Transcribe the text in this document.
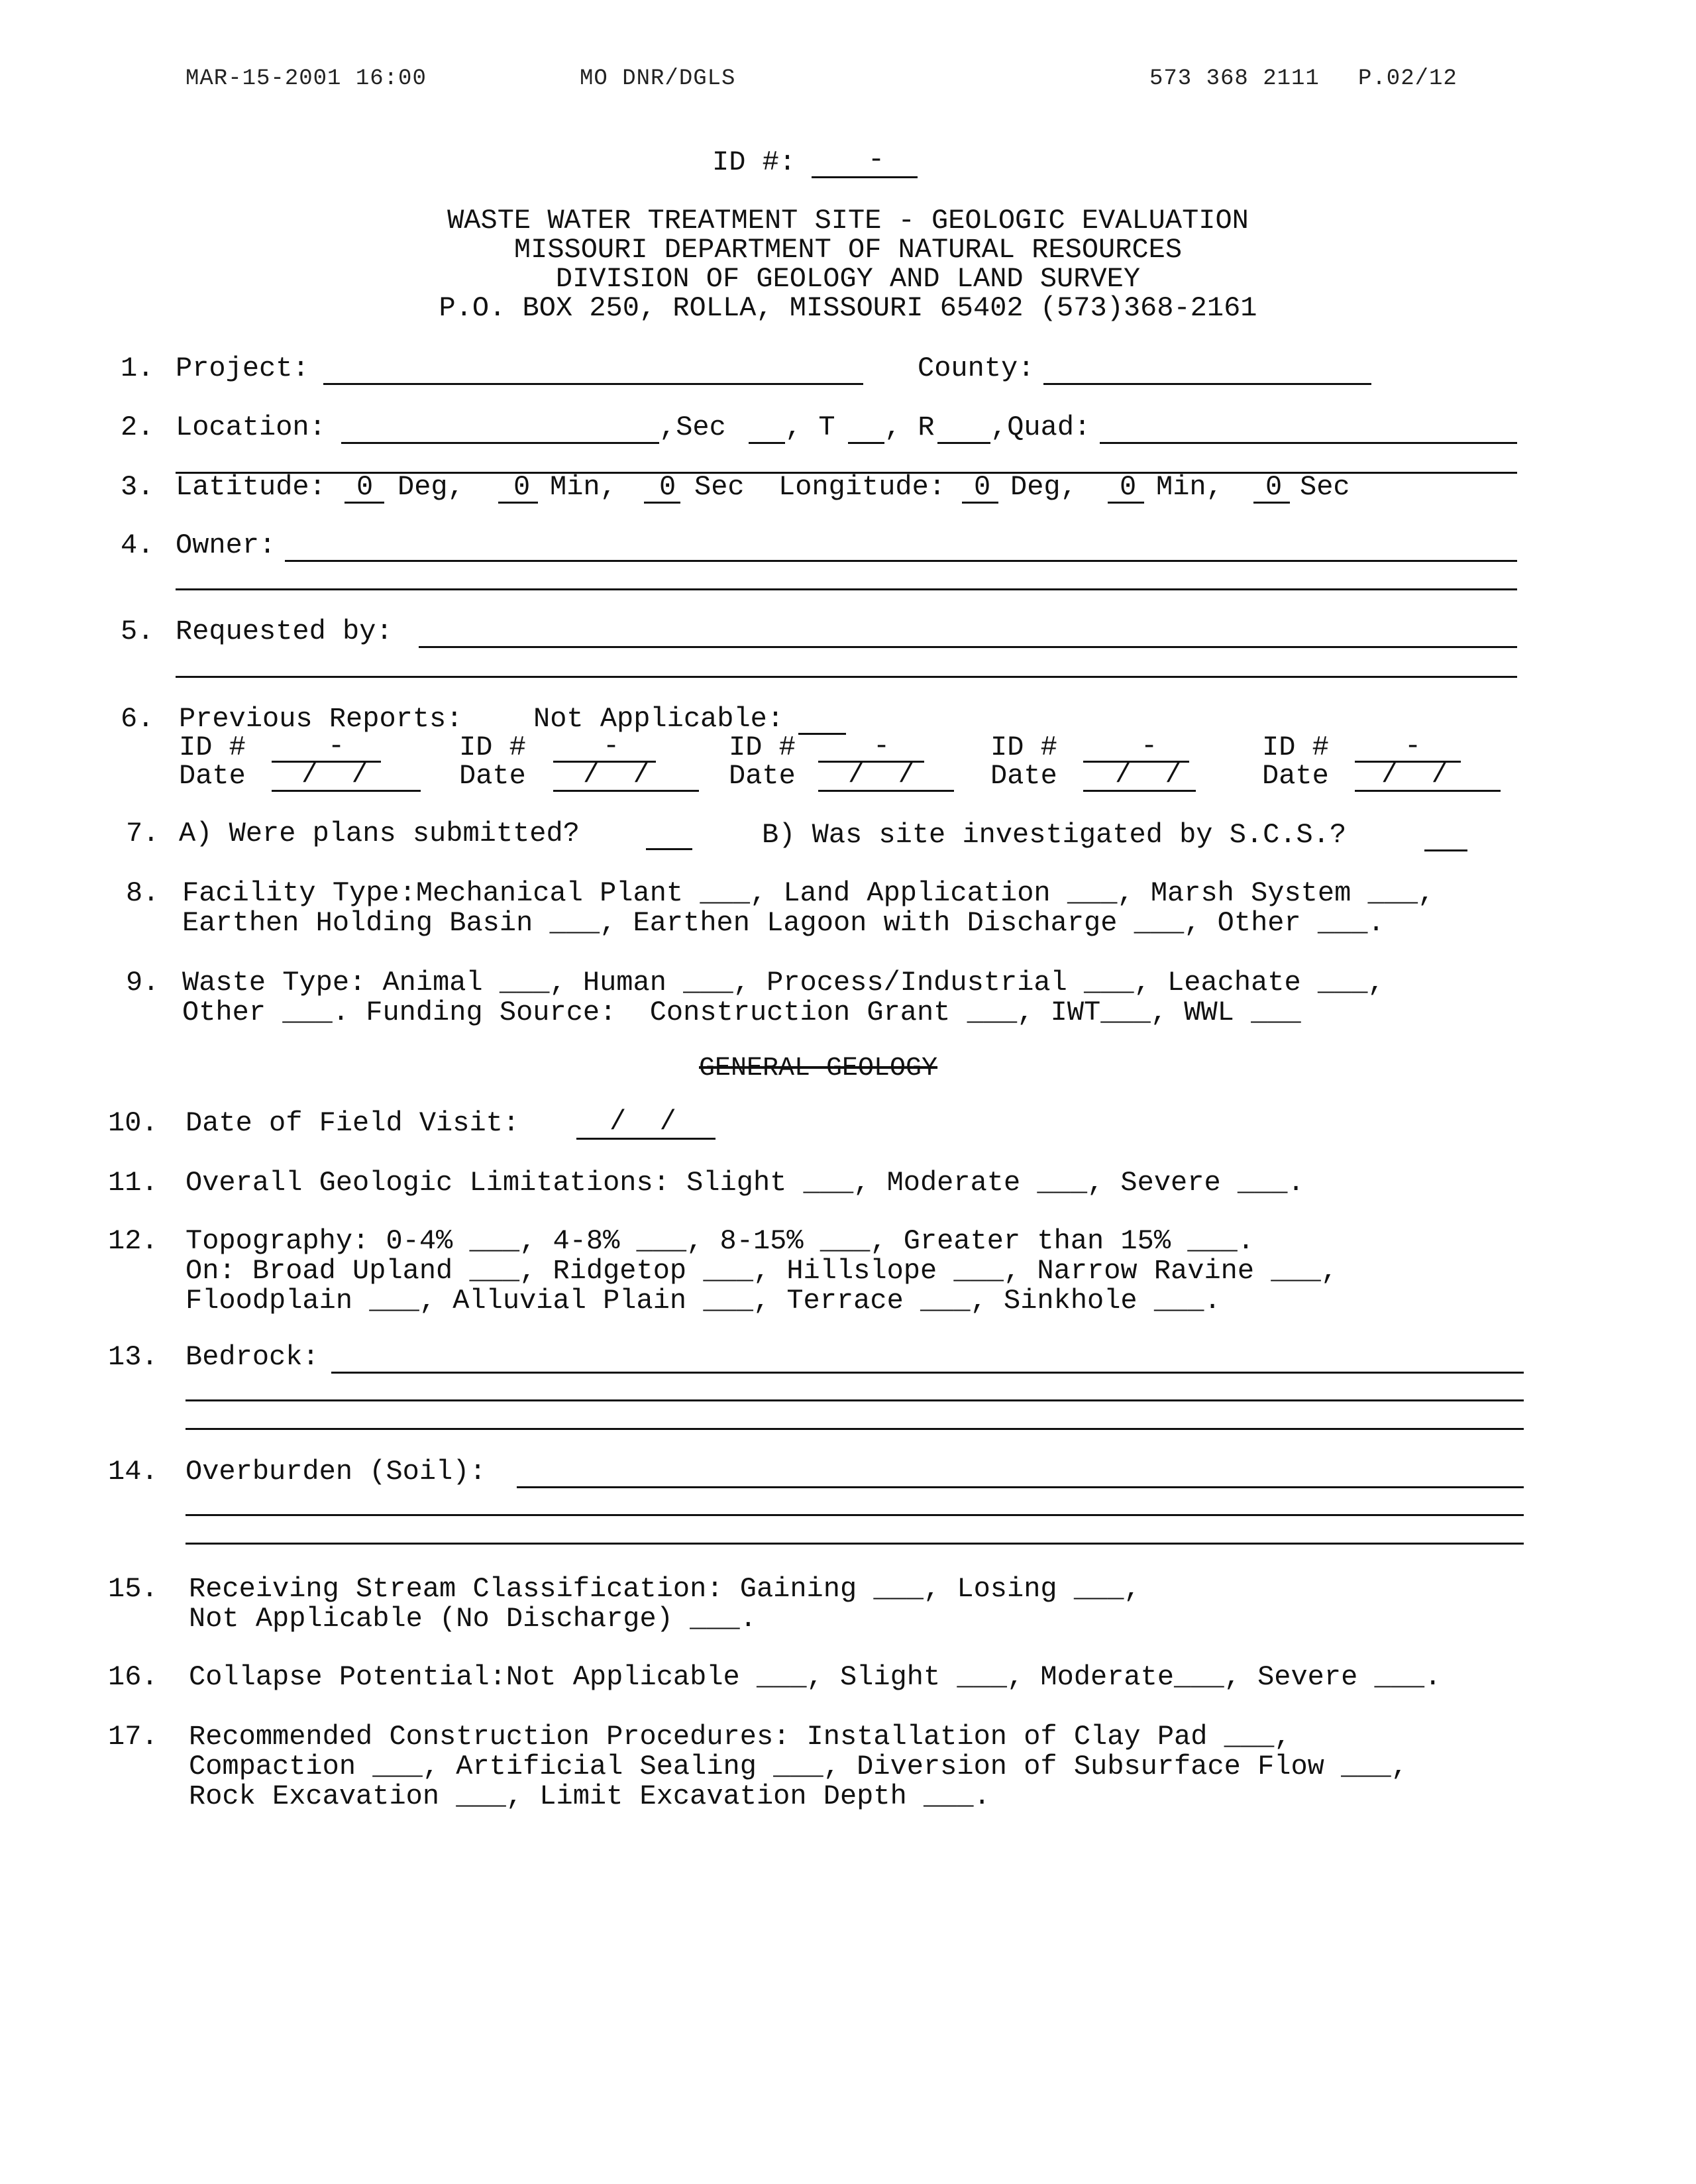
MAR-15-2001 16:00	MO DNR/DGLS	573 368 2111 P.02/12
ID #:	-
WASTE WATER TREATMENT SITE - GEOLOGIC EVALUATION
MISSOURI DEPARTMENT OF NATURAL RESOURCES
DIVISION OF GEOLOGY AND LAND SURVEY
P.O. BOX 250, ROLLA, MISSOURI 65402 (573)368-2161
1. Project:	County:
2. Location:	,Sec , T , R ,Quad:
3. Latitude: 0 Deg, 0 Min, 0 Sec Longitude: 0 Deg, 0 Min, 0 Sec
4. Owner:
5. Requested by:
6. Previous Reports:	Not Applicable:
ID #	-
Date /  /
ID #	-
Date /  /
ID #	-
Date /  /
ID #	-
Date /  /
ID #	-
Date /  /
7. A) Were plans submitted?	B) Was site investigated by S.C.S.?
8. Facility Type:Mechanical Plant ___, Land Application ___, Marsh System ___,
Earthen Holding Basin ___, Earthen Lagoon with Discharge ___, Other ___.
9. Waste Type: Animal ___, Human ___, Process/Industrial ___, Leachate ___,
Other ___. Funding Source:  Construction Grant ___, IWT___, WWL ___
GENERAL GEOLOGY
10. Date of Field Visit:	/  /
11. Overall Geologic Limitations: Slight ___, Moderate ___, Severe ___.
12. Topography: 0-4% ___, 4-8% ___, 8-15% ___, Greater than 15% ___.
On: Broad Upland ___, Ridgetop ___, Hillslope ___, Narrow Ravine ___,
Floodplain ___, Alluvial Plain ___, Terrace ___, Sinkhole ___.
13. Bedrock:
14. Overburden (Soil):
15. Receiving Stream Classification: Gaining ___, Losing ___,
Not Applicable (No Discharge) ___.
16. Collapse Potential:Not Applicable ___, Slight ___, Moderate___, Severe ___.
17. Recommended Construction Procedures: Installation of Clay Pad ___,
Compaction ___, Artificial Sealing ___, Diversion of Subsurface Flow ___,
Rock Excavation ___, Limit Excavation Depth ___.
